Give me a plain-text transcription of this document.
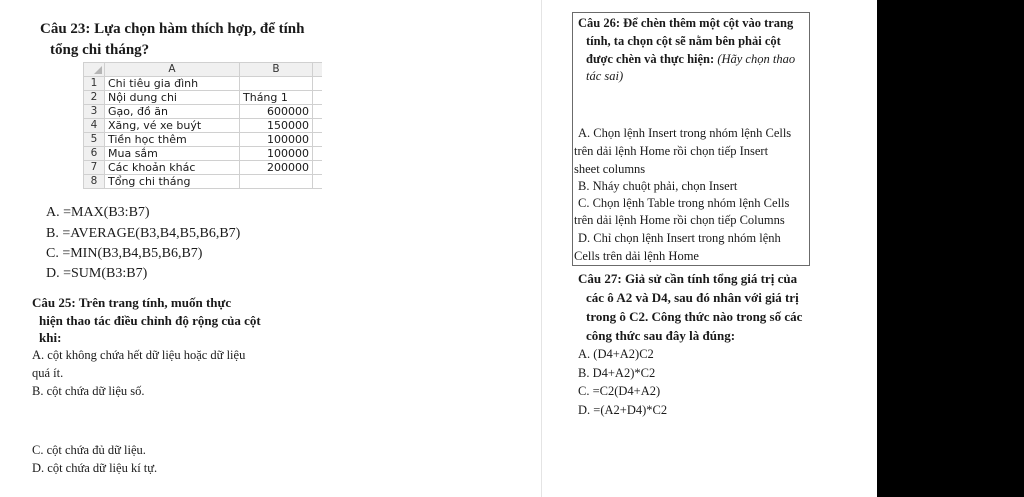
Câu 23: Lựa chọn hàm thích hợp, để tính
tổng chi tháng?
	A	B	
1	Chi tiêu gia đình		
2	Nội dung chi	Tháng 1	
3	Gạo, đồ ăn	600000	
4	Xăng, vé xe buýt	150000	
5	Tiền học thêm	100000	
6	Mua sắm	100000	
7	Các khoản khác	200000	
8	Tổng chi tháng		
A. =MAX(B3:B7)
B. =AVERAGE(B3,B4,B5,B6,B7)
C. =MIN(B3,B4,B5,B6,B7)
D. =SUM(B3:B7)
Câu 25: Trên trang tính, muốn thực
hiện thao tác điều chỉnh độ rộng của cột
khi:
A. cột không chứa hết dữ liệu hoặc dữ liệu
quá ít.
B. cột chứa dữ liệu số.
C. cột chứa đủ dữ liệu.
D. cột chứa dữ liệu kí tự.
Câu 26: Để chèn thêm một cột vào trang
tính, ta chọn cột sẽ nằm bên phải cột
được chèn và thực hiện: (Hãy chọn thao
tác sai)
A. Chọn lệnh Insert trong nhóm lệnh Cells
trên dải lệnh Home rồi chọn tiếp Insert
sheet columns
B. Nháy chuột phải, chọn Insert
C. Chọn lệnh Table trong nhóm lệnh Cells
trên dải lệnh Home rồi chọn tiếp Columns
D. Chỉ chọn lệnh Insert trong nhóm lệnh
Cells trên dải lệnh Home
Câu 27: Giả sử cần tính tổng giá trị của
các ô A2 và D4, sau đó nhân với giá trị
trong ô C2. Công thức nào trong số các
công thức sau đây là đúng:
A. (D4+A2)C2
B. D4+A2)*C2
C. =C2(D4+A2)
D. =(A2+D4)*C2
